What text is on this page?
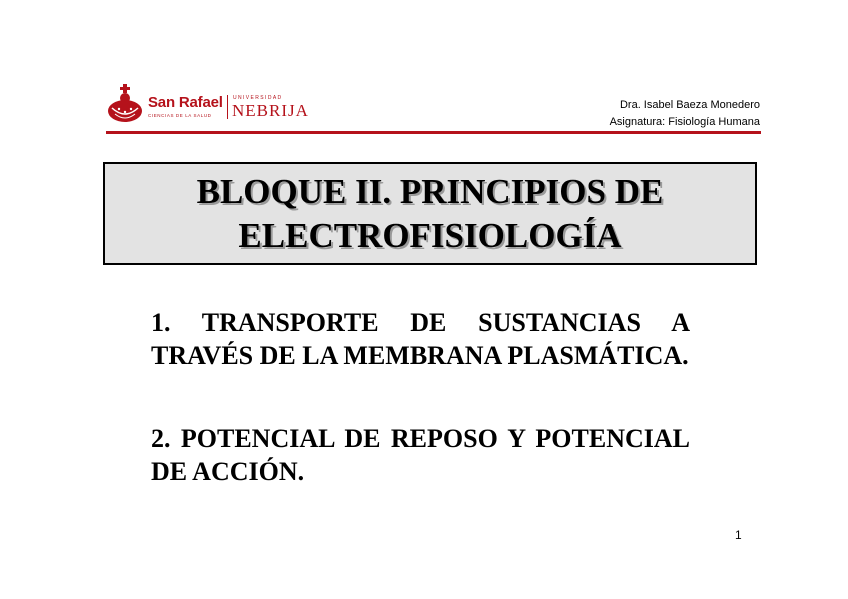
San Rafael
CIENCIAS DE LA SALUD
UNIVERSIDAD
NEBRIJA	Dra. Isabel Baeza Monedero
Asignatura: Fisiología Humana
BLOQUE II. PRINCIPIOS DE
ELECTROFISIOLOGÍA
1. TRANSPORTE DE SUSTANCIAS A TRAVÉS DE LA MEMBRANA PLASMÁTICA.
2. POTENCIAL DE REPOSO Y POTENCIAL DE ACCIÓN.
1
